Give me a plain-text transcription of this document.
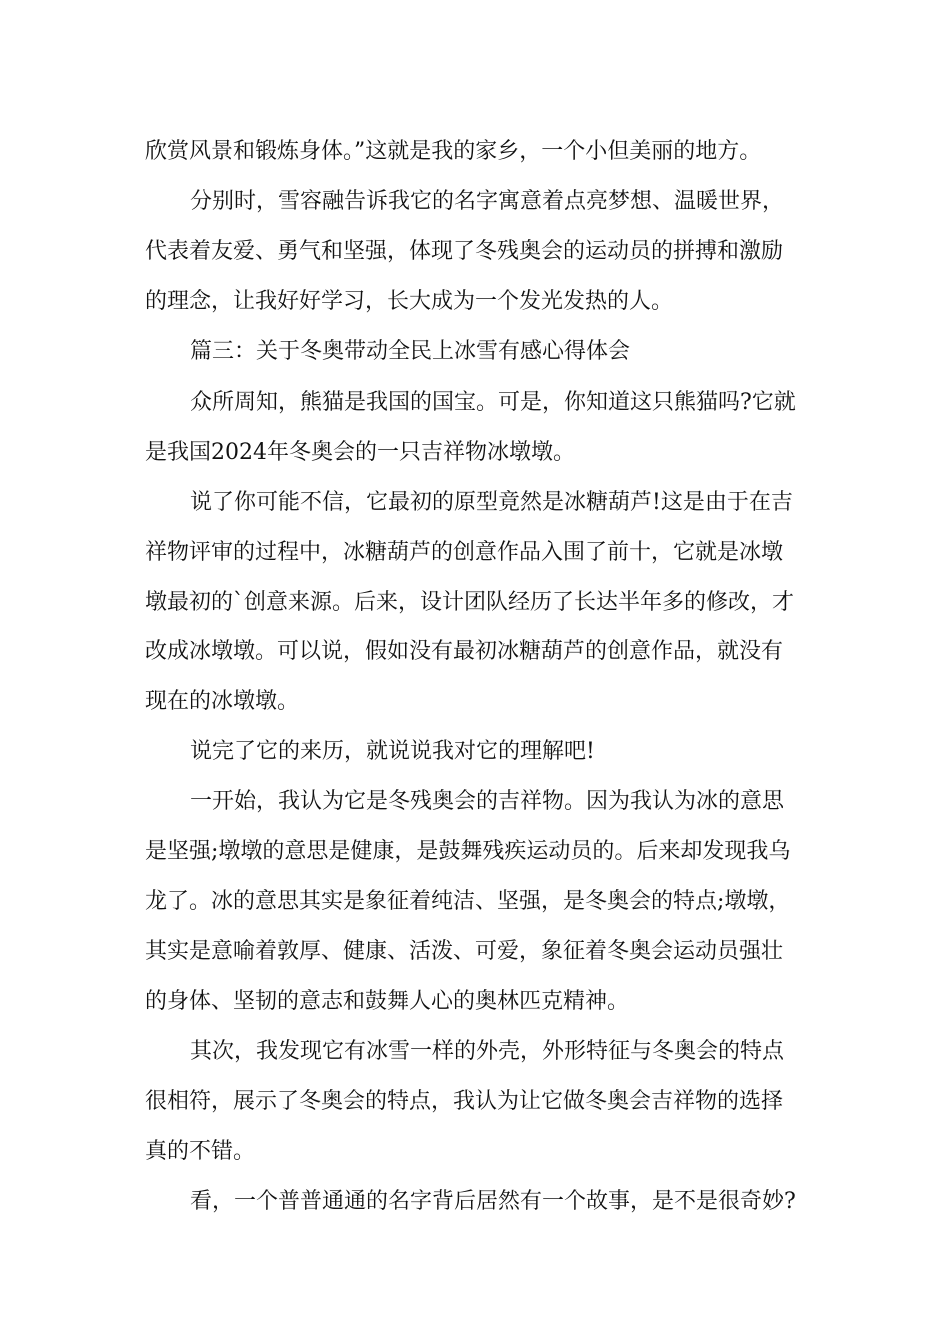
欣赏风景和锻炼身体。”这就是我的家乡，一个小但美丽的地方。
分别时，雪容融告诉我它的名字寓意着点亮梦想、温暖世界，
代表着友爱、勇气和坚强，体现了冬残奥会的运动员的拼搏和激励
的理念，让我好好学习，长大成为一个发光发热的人。
篇三：关于冬奥带动全民上冰雪有感心得体会
众所周知，熊猫是我国的国宝。可是，你知道这只熊猫吗?它就
是我国2024年冬奥会的一只吉祥物冰墩墩。
说了你可能不信，它最初的原型竟然是冰糖葫芦!这是由于在吉
祥物评审的过程中，冰糖葫芦的创意作品入围了前十，它就是冰墩
墩最初的`创意来源。后来，设计团队经历了长达半年多的修改，才
改成冰墩墩。可以说，假如没有最初冰糖葫芦的创意作品，就没有
现在的冰墩墩。
说完了它的来历，就说说我对它的理解吧!
一开始，我认为它是冬残奥会的吉祥物。因为我认为冰的意思
是坚强;墩墩的意思是健康，是鼓舞残疾运动员的。后来却发现我乌
龙了。冰的意思其实是象征着纯洁、坚强，是冬奥会的特点;墩墩，
其实是意喻着敦厚、健康、活泼、可爱，象征着冬奥会运动员强壮
的身体、坚韧的意志和鼓舞人心的奥林匹克精神。
其次，我发现它有冰雪一样的外壳，外形特征与冬奥会的特点
很相符，展示了冬奥会的特点，我认为让它做冬奥会吉祥物的选择
真的不错。
看，一个普普通通的名字背后居然有一个故事，是不是很奇妙?
